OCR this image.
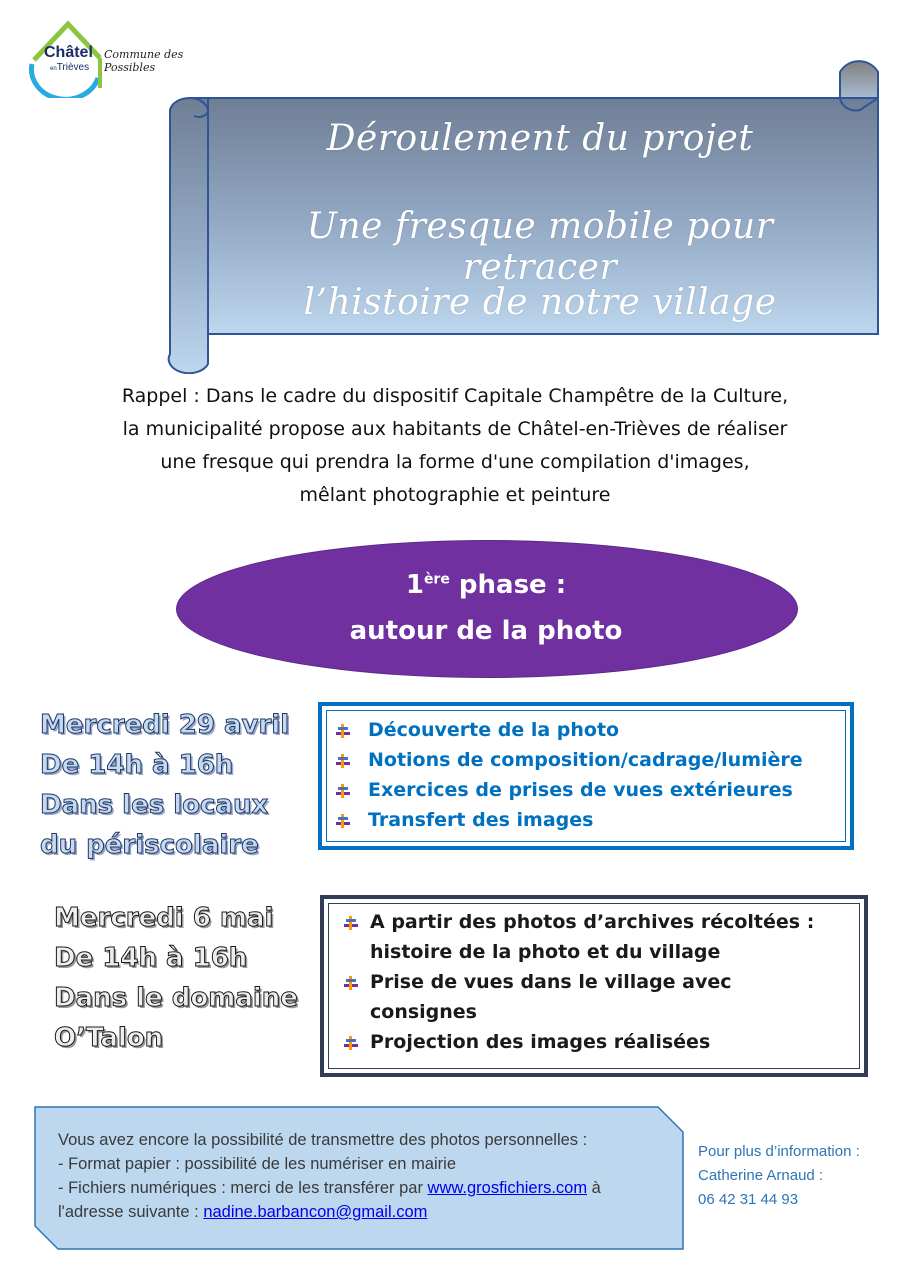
Châtel
enTrièves
Commune des Possibles
Déroulement du projet
Une fresque mobile pour retracer
l’histoire de notre village
Rappel : Dans le cadre du dispositif Capitale Champêtre de la Culture,
la municipalité propose aux habitants de Châtel-en-Trièves de réaliser
une fresque qui prendra la forme d'une compilation d'images,
mêlant photographie et peinture
1ère phase :
autour de la photo
Mercredi 29 avril
De 14h à 16h
Dans les locaux
du périscolaire
Découverte de la photo
Notions de composition/cadrage/lumière
Exercices de prises de vues extérieures
Transfert des images
Mercredi 6 mai
De 14h à 16h
Dans le domaine
O’Talon
A partir des photos d’archives récoltées :
histoire de la photo et du village
Prise de vues dans le village avec
consignes
Projection des images réalisées
Vous avez encore la possibilité de transmettre des photos personnelles :
- Format papier : possibilité de les numériser en mairie
- Fichiers numériques : merci de les transférer par www.grosfichiers.com à
l'adresse suivante : nadine.barbancon@gmail.com
Pour plus d’information :
Catherine Arnaud :
06 42 31 44 93
